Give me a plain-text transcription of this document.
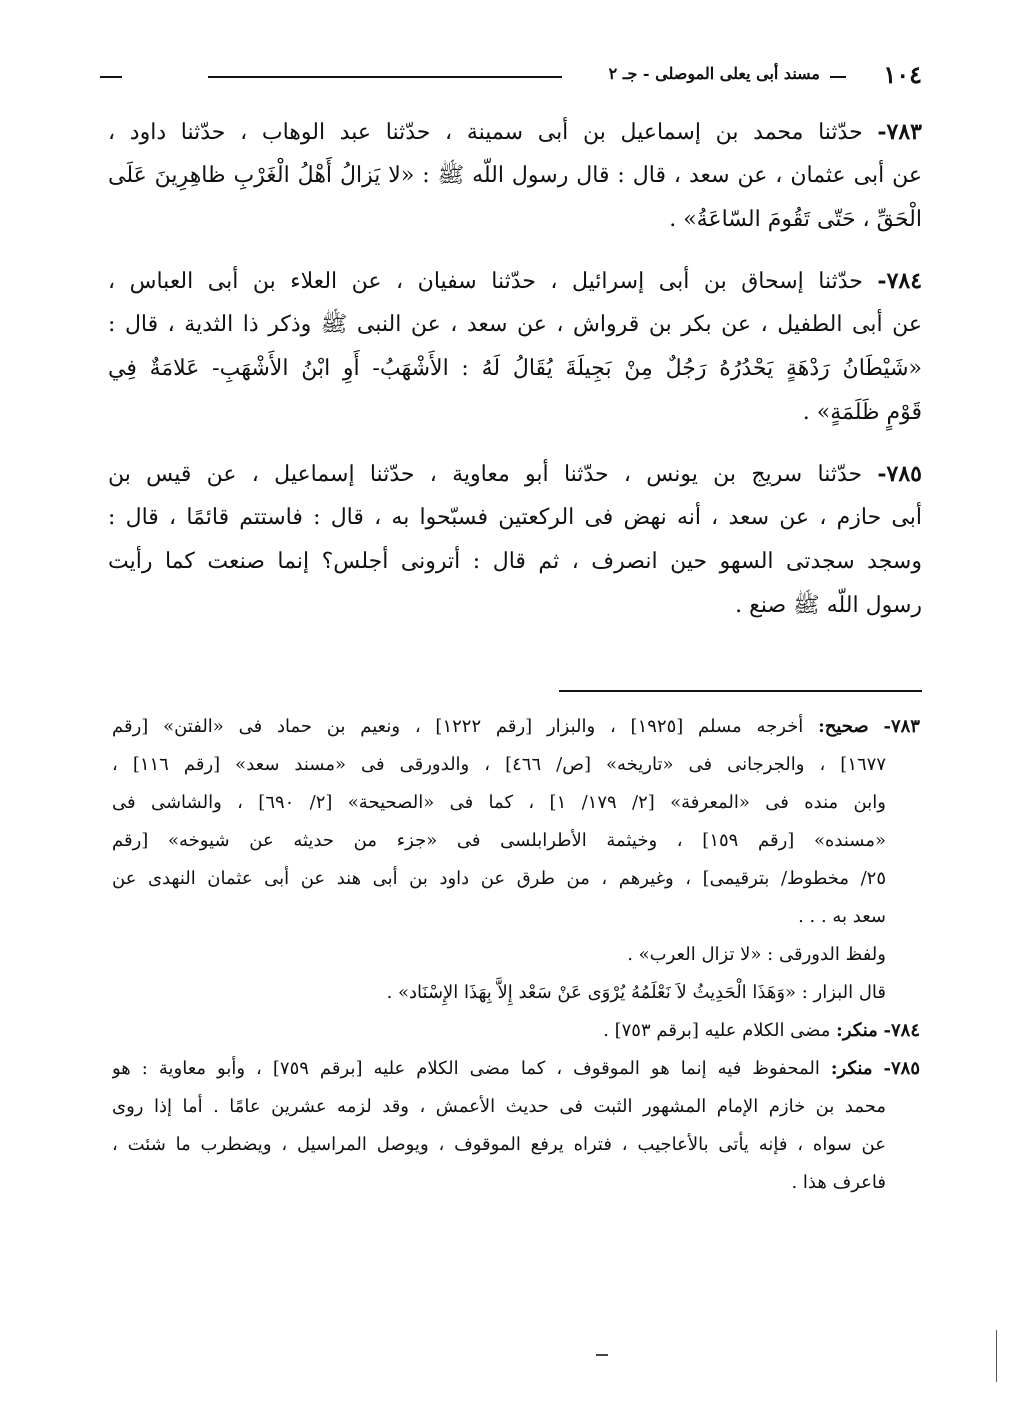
١٠٤
مسند أبى يعلى الموصلى - جـ ٢
٧٨٣- حدّثنا محمد بن إسماعيل بن أبى سمينة ، حدّثنا عبد الوهاب ، حدّثنا داود ،
عن أبى عثمان ، عن سعد ، قال : قال رسول اللّه ﷺ : «لا يَزالُ أَهْلُ الْغَرْبِ ظاهِرِينَ عَلَى
الْحَقِّ ، حَتّى تَقُومَ السّاعَةُ» .
٧٨٤- حدّثنا إسحاق بن أبى إسرائيل ، حدّثنا سفيان ، عن العلاء بن أبى العباس ،
عن أبى الطفيل ، عن بكر بن قرواش ، عن سعد ، عن النبى ﷺ وذكر ذا الثدية ، قال :
«شَيْطَانُ رَدْهَةٍ يَحْدُرُهُ رَجُلٌ مِنْ بَجِيلَةَ يُقَالُ لَهُ : الأَشْهَبُ- أَوِ ابْنُ الأَشْهَبِ- عَلامَةٌ فِي
قَوْمٍ ظَلَمَةٍ» .
٧٨٥- حدّثنا سريج بن يونس ، حدّثنا أبو معاوية ، حدّثنا إسماعيل ، عن قيس بن
أبى حازم ، عن سعد ، أنه نهض فى الركعتين فسبّحوا به ، قال : فاستتم قائمًا ، قال :
وسجد سجدتى السهو حين انصرف ، ثم قال : أترونى أجلس؟ إنما صنعت كما رأيت
رسول اللّه ﷺ صنع .
٧٨٣- صحيح: أخرجه مسلم [١٩٢٥] ، والبزار [رقم ١٢٢٢] ، ونعيم بن حماد فى «الفتن» [رقم
١٦٧٧] ، والجرجانى فى «تاريخه» [ص/ ٤٦٦] ، والدورقى فى «مسند سعد» [رقم ١١٦] ،
وابن منده فى «المعرفة» [٢/ ١٧٩/ ١] ، كما فى «الصحيحة» [٢/ ٦٩٠] ، والشاشى فى
«مسنده» [رقم ١٥٩] ، وخيثمة الأطرابلسى فى «جزء من حديثه عن شيوخه» [رقم
٢٥/ مخطوط/ بترقيمى] ، وغيرهم ، من طرق عن داود بن أبى هند عن أبى عثمان النهدى عن
سعد به . . .
ولفظ الدورقى : «لا تزال العرب» .
قال البزار : «وَهَذَا الْحَدِيثُ لاَ نَعْلَمُهُ يُرْوَى عَنْ سَعْد إِلاَّ بِهَذَا الإِسْنَاد» .
٧٨٤- منكر: مضى الكلام عليه [برقم ٧٥٣] .
٧٨٥- منكر: المحفوظ فيه إنما هو الموقوف ، كما مضى الكلام عليه [برقم ٧٥٩] ، وأبو معاوية : هو
محمد بن خازم الإمام المشهور الثبت فى حديث الأعمش ، وقد لزمه عشرين عامًا . أما إذا روى
عن سواه ، فإنه يأتى بالأعاجيب ، فتراه يرفع الموقوف ، ويوصل المراسيل ، ويضطرب ما شئت ،
فاعرف هذا .
